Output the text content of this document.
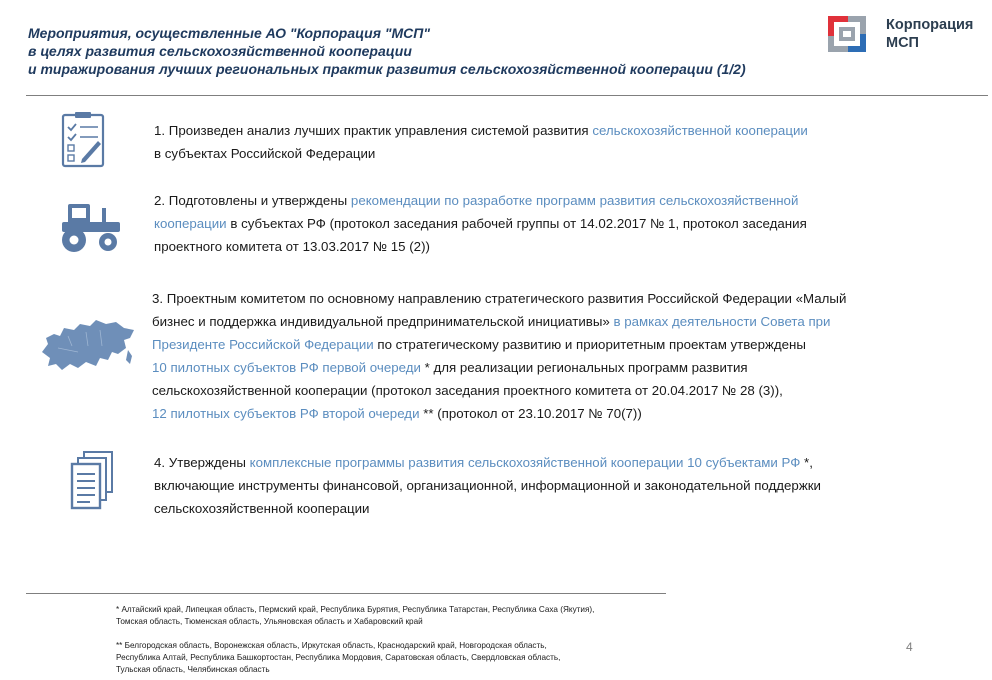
Мероприятия, осуществленные АО "Корпорация "МСП"
в целях развития сельскохозяйственной кооперации
и тиражирования лучших региональных практик развития сельскохозяйственной кооперации (1/2)
Корпорация
МСП
1. Произведен анализ лучших практик управления системой развития сельскохозяйственной кооперации
в субъектах Российской Федерации
2. Подготовлены и утверждены рекомендации по разработке программ развития сельскохозяйственной
кооперации в субъектах РФ (протокол заседания рабочей группы от 14.02.2017 № 1, протокол заседания
проектного комитета от 13.03.2017 № 15 (2))
3. Проектным комитетом по основному направлению стратегического развития Российской Федерации «Малый
бизнес и поддержка индивидуальной предпринимательской инициативы» в рамках деятельности Совета при
Президенте Российской Федерации по стратегическому развитию и приоритетным проектам утверждены
10 пилотных субъектов РФ первой очереди * для реализации региональных программ развития
сельскохозяйственной кооперации (протокол заседания проектного комитета от 20.04.2017 № 28 (3)),
12 пилотных субъектов РФ второй очереди ** (протокол от 23.10.2017 № 70(7))
4. Утверждены комплексные программы развития сельскохозяйственной кооперации 10 субъектами РФ *,
включающие инструменты финансовой, организационной, информационной и законодательной поддержки
сельскохозяйственной кооперации
* Алтайский край, Липецкая область, Пермский край, Республика Бурятия, Республика Татарстан, Республика Саха (Якутия),
Томская область, Тюменская область, Ульяновская область и Хабаровский край
** Белгородская область, Воронежская область, Иркутская область, Краснодарский край, Новгородская область,
Республика Алтай, Республика Башкортостан, Республика Мордовия, Саратовская область, Свердловская область,
Тульская область, Челябинская область
4
